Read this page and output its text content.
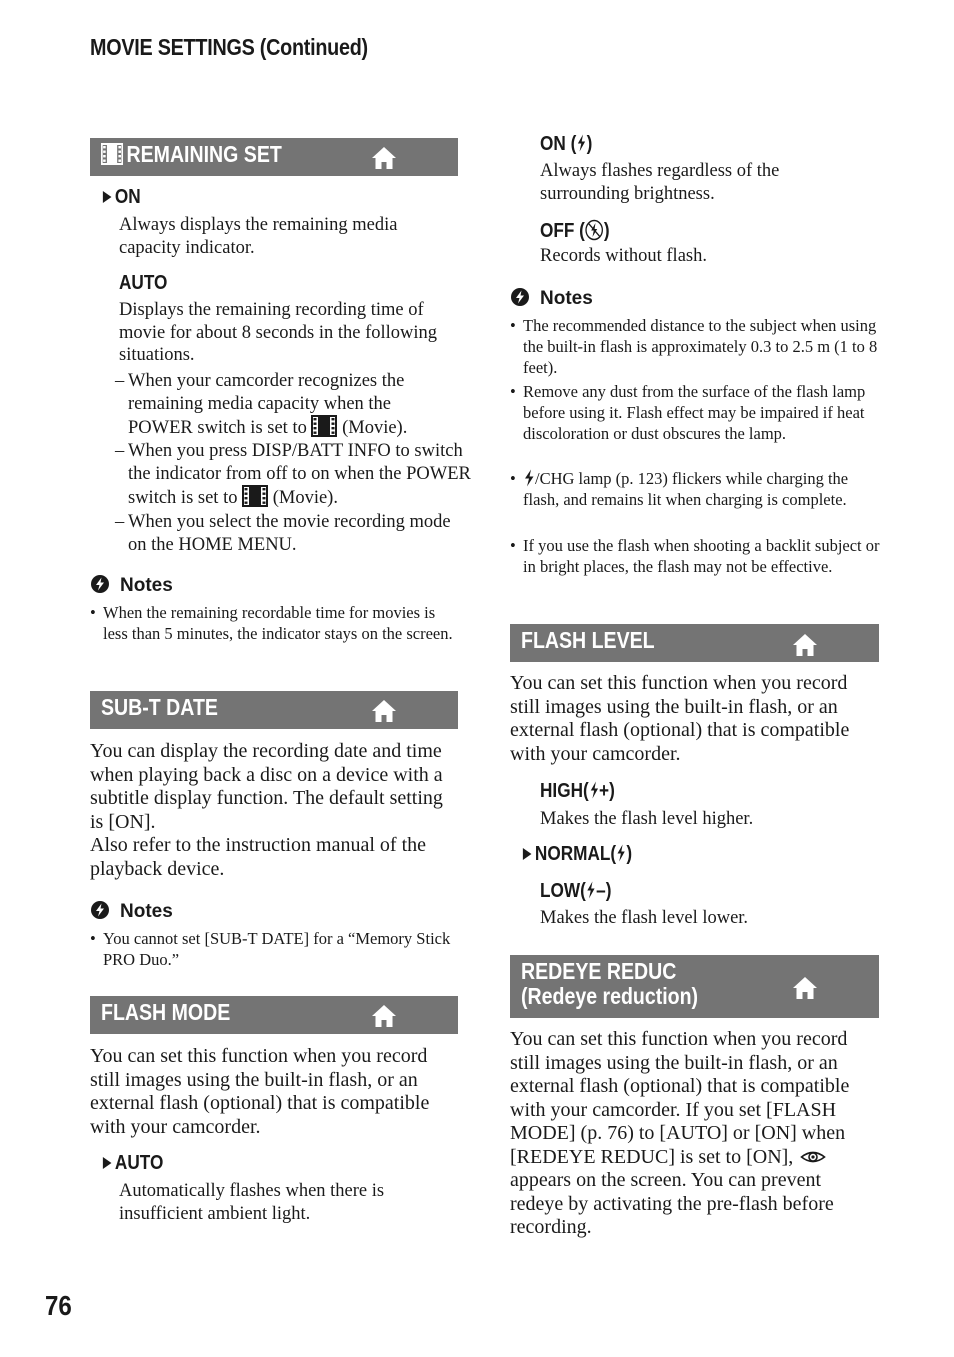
MOVIE SETTINGS (Continued)
REMAINING SET
ON
Always displays the remaining media capacity indicator.
AUTO
Displays the remaining recording time of movie for about 8 seconds in the following situations.
– When your camcorder recognizes the remaining media capacity when the POWER switch is set to (Movie).
– When you press DISP/BATT INFO to switch the indicator from off to on when the POWER switch is set to (Movie).
– When you select the movie recording mode on the HOME MENU.
Notes
• When the remaining recordable time for movies is less than 5 minutes, the indicator stays on the screen.
SUB-T DATE
You can display the recording date and time when playing back a disc on a device with a subtitle display function. The default setting is [ON].
Also refer to the instruction manual of the playback device.
Notes
• You cannot set [SUB-T DATE] for a “Memory Stick PRO Duo.”
FLASH MODE
You can set this function when you record still images using the built-in flash, or an external flash (optional) that is compatible with your camcorder.
AUTO
Automatically flashes when there is insufficient ambient light.
ON ( )
Always flashes regardless of the surrounding brightness.
OFF ( )
Records without flash.
Notes
• The recommended distance to the subject when using the built-in flash is approximately 0.3 to 2.5 m (1 to 8 feet).
• Remove any dust from the surface of the flash lamp before using it. Flash effect may be impaired if heat discoloration or dust obscures the lamp.
• /CHG lamp (p. 123) flickers while charging the flash, and remains lit when charging is complete.
• If you use the flash when shooting a backlit subject or in bright places, the flash may not be effective.
FLASH LEVEL
You can set this function when you record still images using the built-in flash, or an external flash (optional) that is compatible with your camcorder.
HIGH( +)
Makes the flash level higher.
NORMAL( )
LOW( –)
Makes the flash level lower.
REDEYE REDUC
(Redeye reduction)
You can set this function when you record still images using the built-in flash, or an external flash (optional) that is compatible with your camcorder. If you set [FLASH MODE] (p. 76) to [AUTO] or [ON] when [REDEYE REDUC] is set to [ON],  appears on the screen. You can prevent redeye by activating the pre-flash before recording.
76
